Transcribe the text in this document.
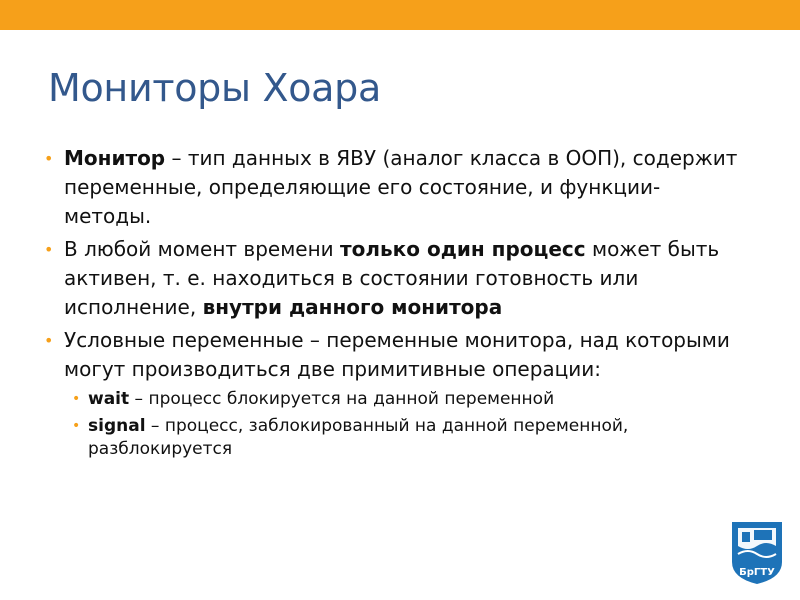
Мониторы Хоара
• Монитор – тип данных в ЯВУ (аналог класса в ООП), содержит переменные, определяющие его состояние, и функции-методы.
• В любой момент времени только один процесс может быть активен, т. е. находиться в состоянии готовность или исполнение, внутри данного монитора
• Условные переменные – переменные монитора, над которыми могут производиться две примитивные операции:
• wait – процесс блокируется на данной переменной
• signal – процесс, заблокированный на данной переменной, разблокируется
БрГТУ
